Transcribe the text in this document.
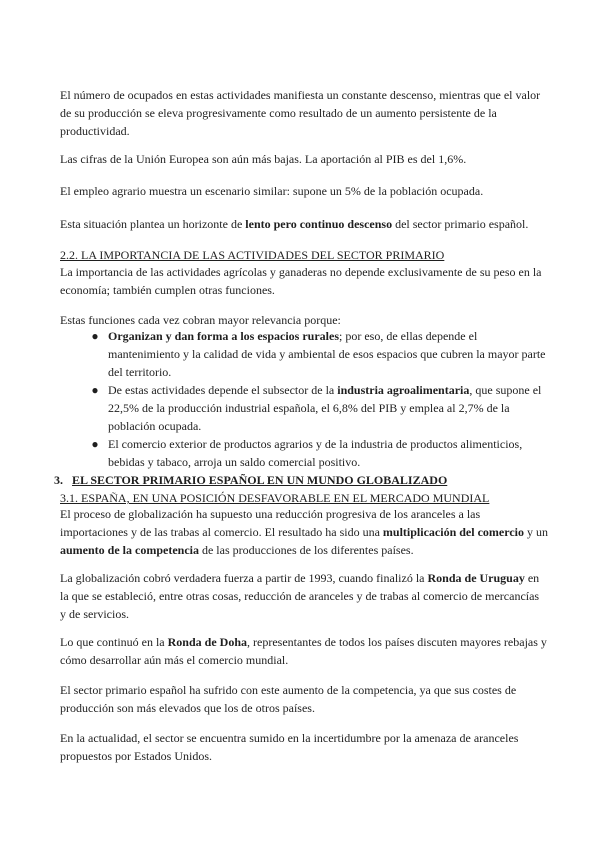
El número de ocupados en estas actividades manifiesta un constante descenso, mientras que el valor de su producción se eleva progresivamente como resultado de un aumento persistente de la productividad.

Las cifras de la Unión Europea son aún más bajas. La aportación al PIB es del 1,6%.

El empleo agrario muestra un escenario similar: supone un 5% de la población ocupada.

Esta situación plantea un horizonte de lento pero continuo descenso del sector primario español.

2.2. LA IMPORTANCIA DE LAS ACTIVIDADES DEL SECTOR PRIMARIO

La importancia de las actividades agrícolas y ganaderas no depende exclusivamente de su peso en la economía; también cumplen otras funciones.

Estas funciones cada vez cobran mayor relevancia porque:

● Organizan y dan forma a los espacios rurales; por eso, de ellas depende el mantenimiento y la calidad de vida y ambiental de esos espacios que cubren la mayor parte del territorio.
● De estas actividades depende el subsector de la industria agroalimentaria, que supone el 22,5% de la producción industrial española, el 6,8% del PIB y emplea al 2,7% de la población ocupada.
● El comercio exterior de productos agrarios y de la industria de productos alimenticios, bebidas y tabaco, arroja un saldo comercial positivo.
3. EL SECTOR PRIMARIO ESPAÑOL EN UN MUNDO GLOBALIZADO
3.1. ESPAÑA, EN UNA POSICIÓN DESFAVORABLE EN EL MERCADO MUNDIAL

El proceso de globalización ha supuesto una reducción progresiva de los aranceles a las importaciones y de las trabas al comercio. El resultado ha sido una multiplicación del comercio y un aumento de la competencia de las producciones de los diferentes países.

La globalización cobró verdadera fuerza a partir de 1993, cuando finalizó la Ronda de Uruguay en la que se estableció, entre otras cosas, reducción de aranceles y de trabas al comercio de mercancías y de servicios.

Lo que continuó en la Ronda de Doha, representantes de todos los países discuten mayores rebajas y cómo desarrollar aún más el comercio mundial.

El sector primario español ha sufrido con este aumento de la competencia, ya que sus costes de producción son más elevados que los de otros países.

En la actualidad, el sector se encuentra sumido en la incertidumbre por la amenaza de aranceles propuestos por Estados Unidos.
